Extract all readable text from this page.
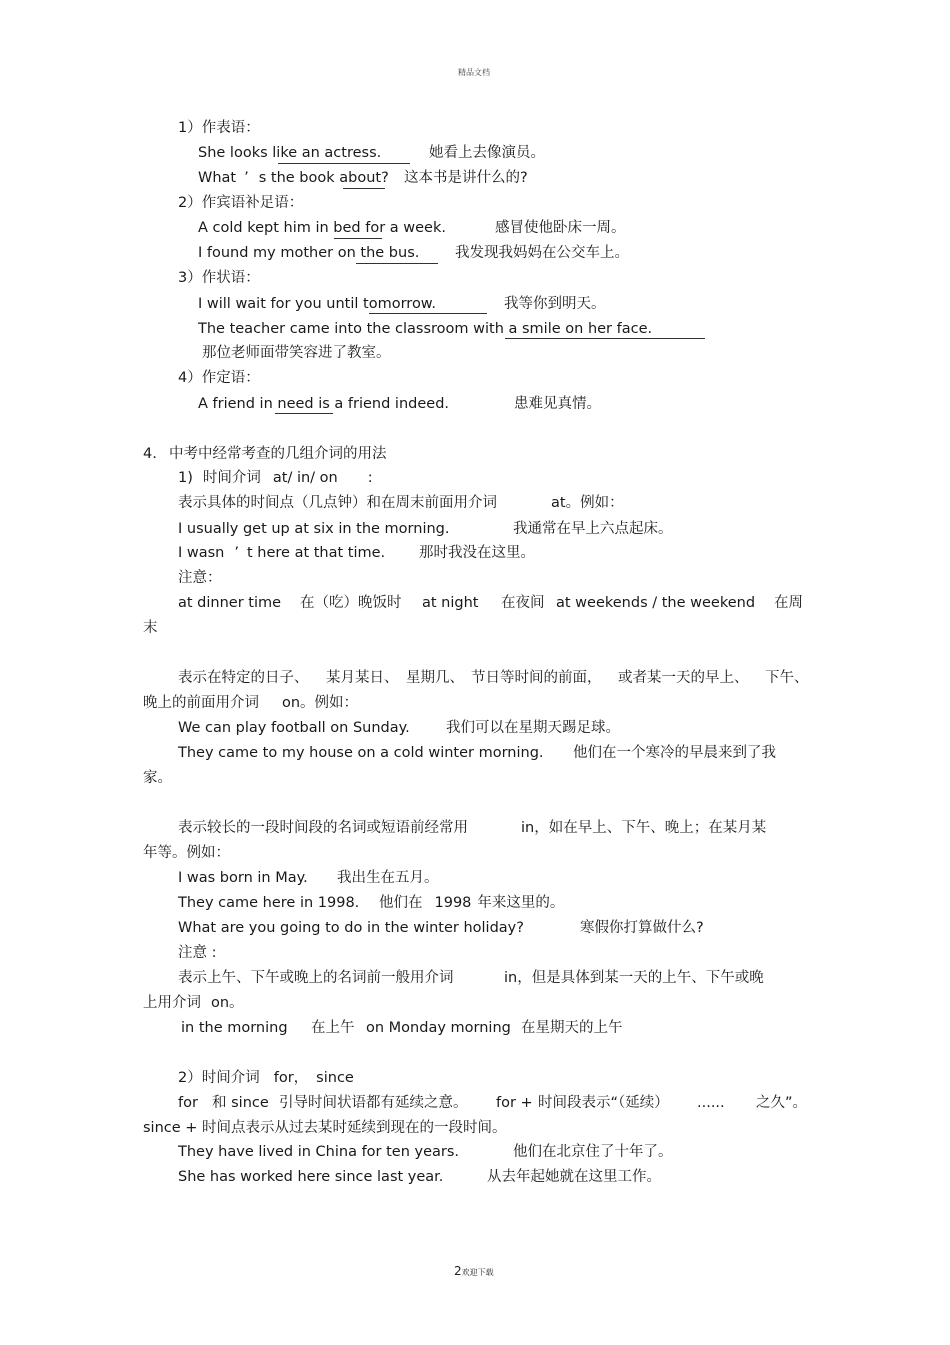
精品文档
1）作表语：
She looks like an actress.	她看上去像演员。
What ’ s the book about? 这本书是讲什么的?
2）作宾语补足语：
A cold kept him in bed for a week.	感冒使他卧床一周。
I found my mother on the bus. 我发现我妈妈在公交车上。
3）作状语：
I will wait for you until tomorrow.	我等你到明天。
The teacher came into the classroom with a smile on her face.
那位老师面带笑容进了教室。
4）作定语：
A friend in need is a friend indeed.	患难见真情。
4. 中考中经常考查的几组介词的用法
1) 时间介词 at/ in/ on :
表示具体的时间点（几点钟）和在周末前面用介词	at。例如：
I usually get up at six in the morning.	我通常在早上六点起床。
I wasn ’ t here at that time. 那时我没在这里。
注意：
at dinner time 在（吃）晚饭时 at night 在夜间 at weekends / the weekend 在周
末
表示在特定的日子、 某月某日、 星期几、 节日等时间的前面， 或者某一天的早上、 下午、
晚上的前面用介词 on。例如：
We can play football on Sunday.	我们可以在星期天踢足球。
They came to my house on a cold winter morning. 他们在一个寒冷的早晨来到了我
家。
表示较长的一段时间段的名词或短语前经常用	in，如在早上、下午、晚上；在某月某
年等。例如：
I was born in May. 我出生在五月。
They came here in 1998. 他们在 1998 年来这里的。
What are you going to do in the winter holiday?	寒假你打算做什么?
注意 :
表示上午、下午或晚上的名词前一般用介词	in，但是具体到某一天的上午、下午或晚
上用介词 on。
in the morning 在上午 on Monday morning 在星期天的上午
2）时间介词 for， since
for 和 since 引导时间状语都有延续之意。 for + 时间段表示“（延续） ...... 之久”。
since + 时间点表示从过去某时延续到现在的一段时间。
They have lived in China for ten years.	他们在北京住了十年了。
She has worked here since last year.	从去年起她就在这里工作。
2欢迎下载
